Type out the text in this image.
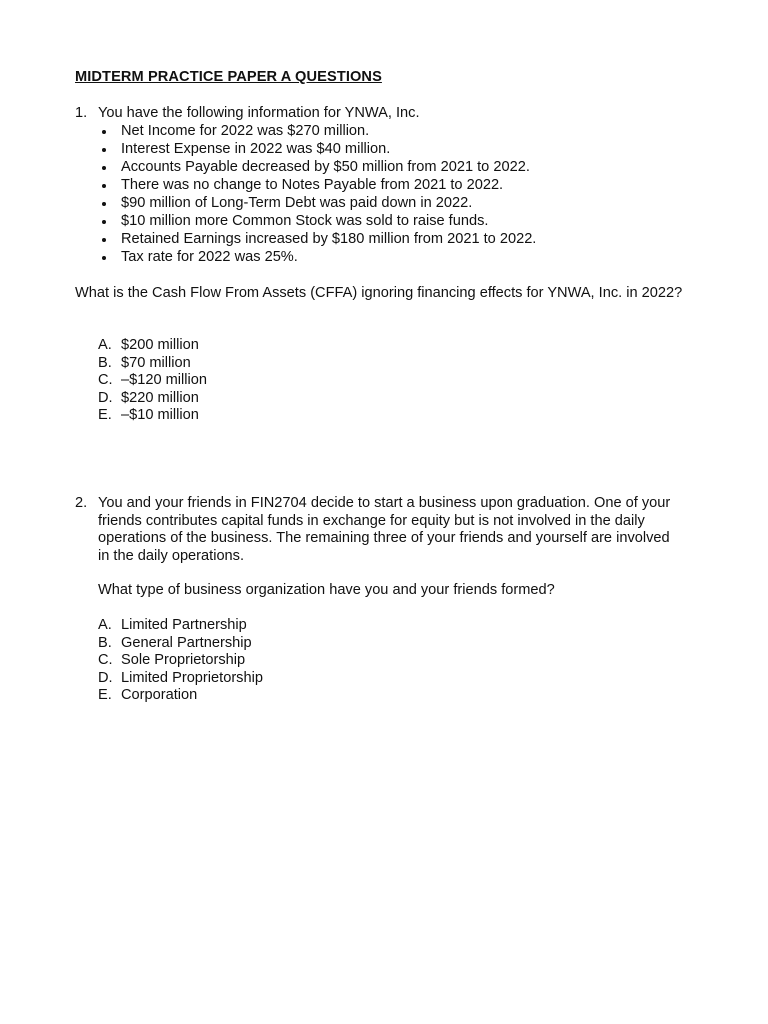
MIDTERM PRACTICE PAPER A QUESTIONS
1. You have the following information for YNWA, Inc.
Net Income for 2022 was $270 million.
Interest Expense in 2022 was $40 million.
Accounts Payable decreased by $50 million from 2021 to 2022.
There was no change to Notes Payable from 2021 to 2022.
$90 million of Long-Term Debt was paid down in 2022.
$10 million more Common Stock was sold to raise funds.
Retained Earnings increased by $180 million from 2021 to 2022.
Tax rate for 2022 was 25%.
What is the Cash Flow From Assets (CFFA) ignoring financing effects for YNWA, Inc. in 2022?
A. $200 million
B. $70 million
C. –$120 million
D. $220 million
E. –$10 million
2. You and your friends in FIN2704 decide to start a business upon graduation. One of your friends contributes capital funds in exchange for equity but is not involved in the daily operations of the business. The remaining three of your friends and yourself are involved in the daily operations.
What type of business organization have you and your friends formed?
A. Limited Partnership
B. General Partnership
C. Sole Proprietorship
D. Limited Proprietorship
E. Corporation
